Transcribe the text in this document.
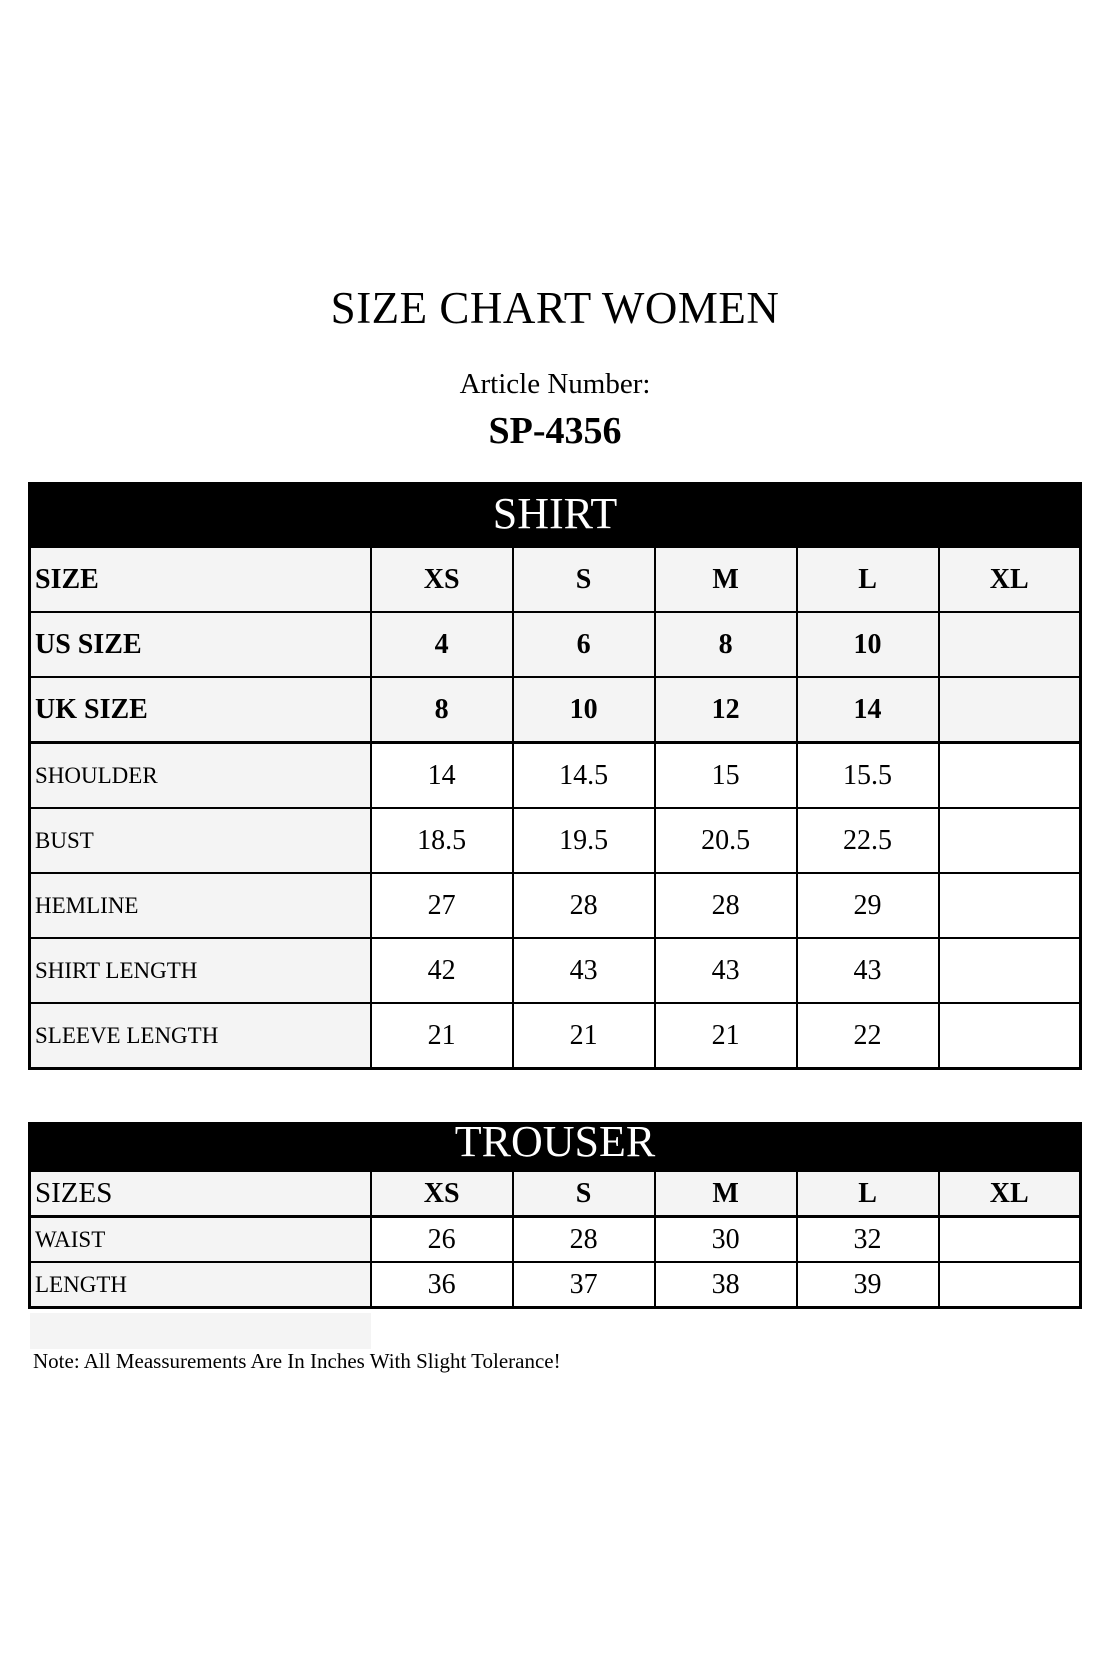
SIZE CHART WOMEN
Article Number:
SP-4356
SHIRT
SIZE	XS	S	M	L	XL
US SIZE	4	6	8	10	
UK SIZE	8	10	12	14	
SHOULDER	14	14.5	15	15.5	
BUST	18.5	19.5	20.5	22.5	
HEMLINE	27	28	28	29	
SHIRT LENGTH	42	43	43	43	
SLEEVE LENGTH	21	21	21	22	
TROUSER
SIZES	XS	S	M	L	XL
WAIST	26	28	30	32	
LENGTH	36	37	38	39	
Note: All Meassurements Are In Inches With Slight Tolerance!
